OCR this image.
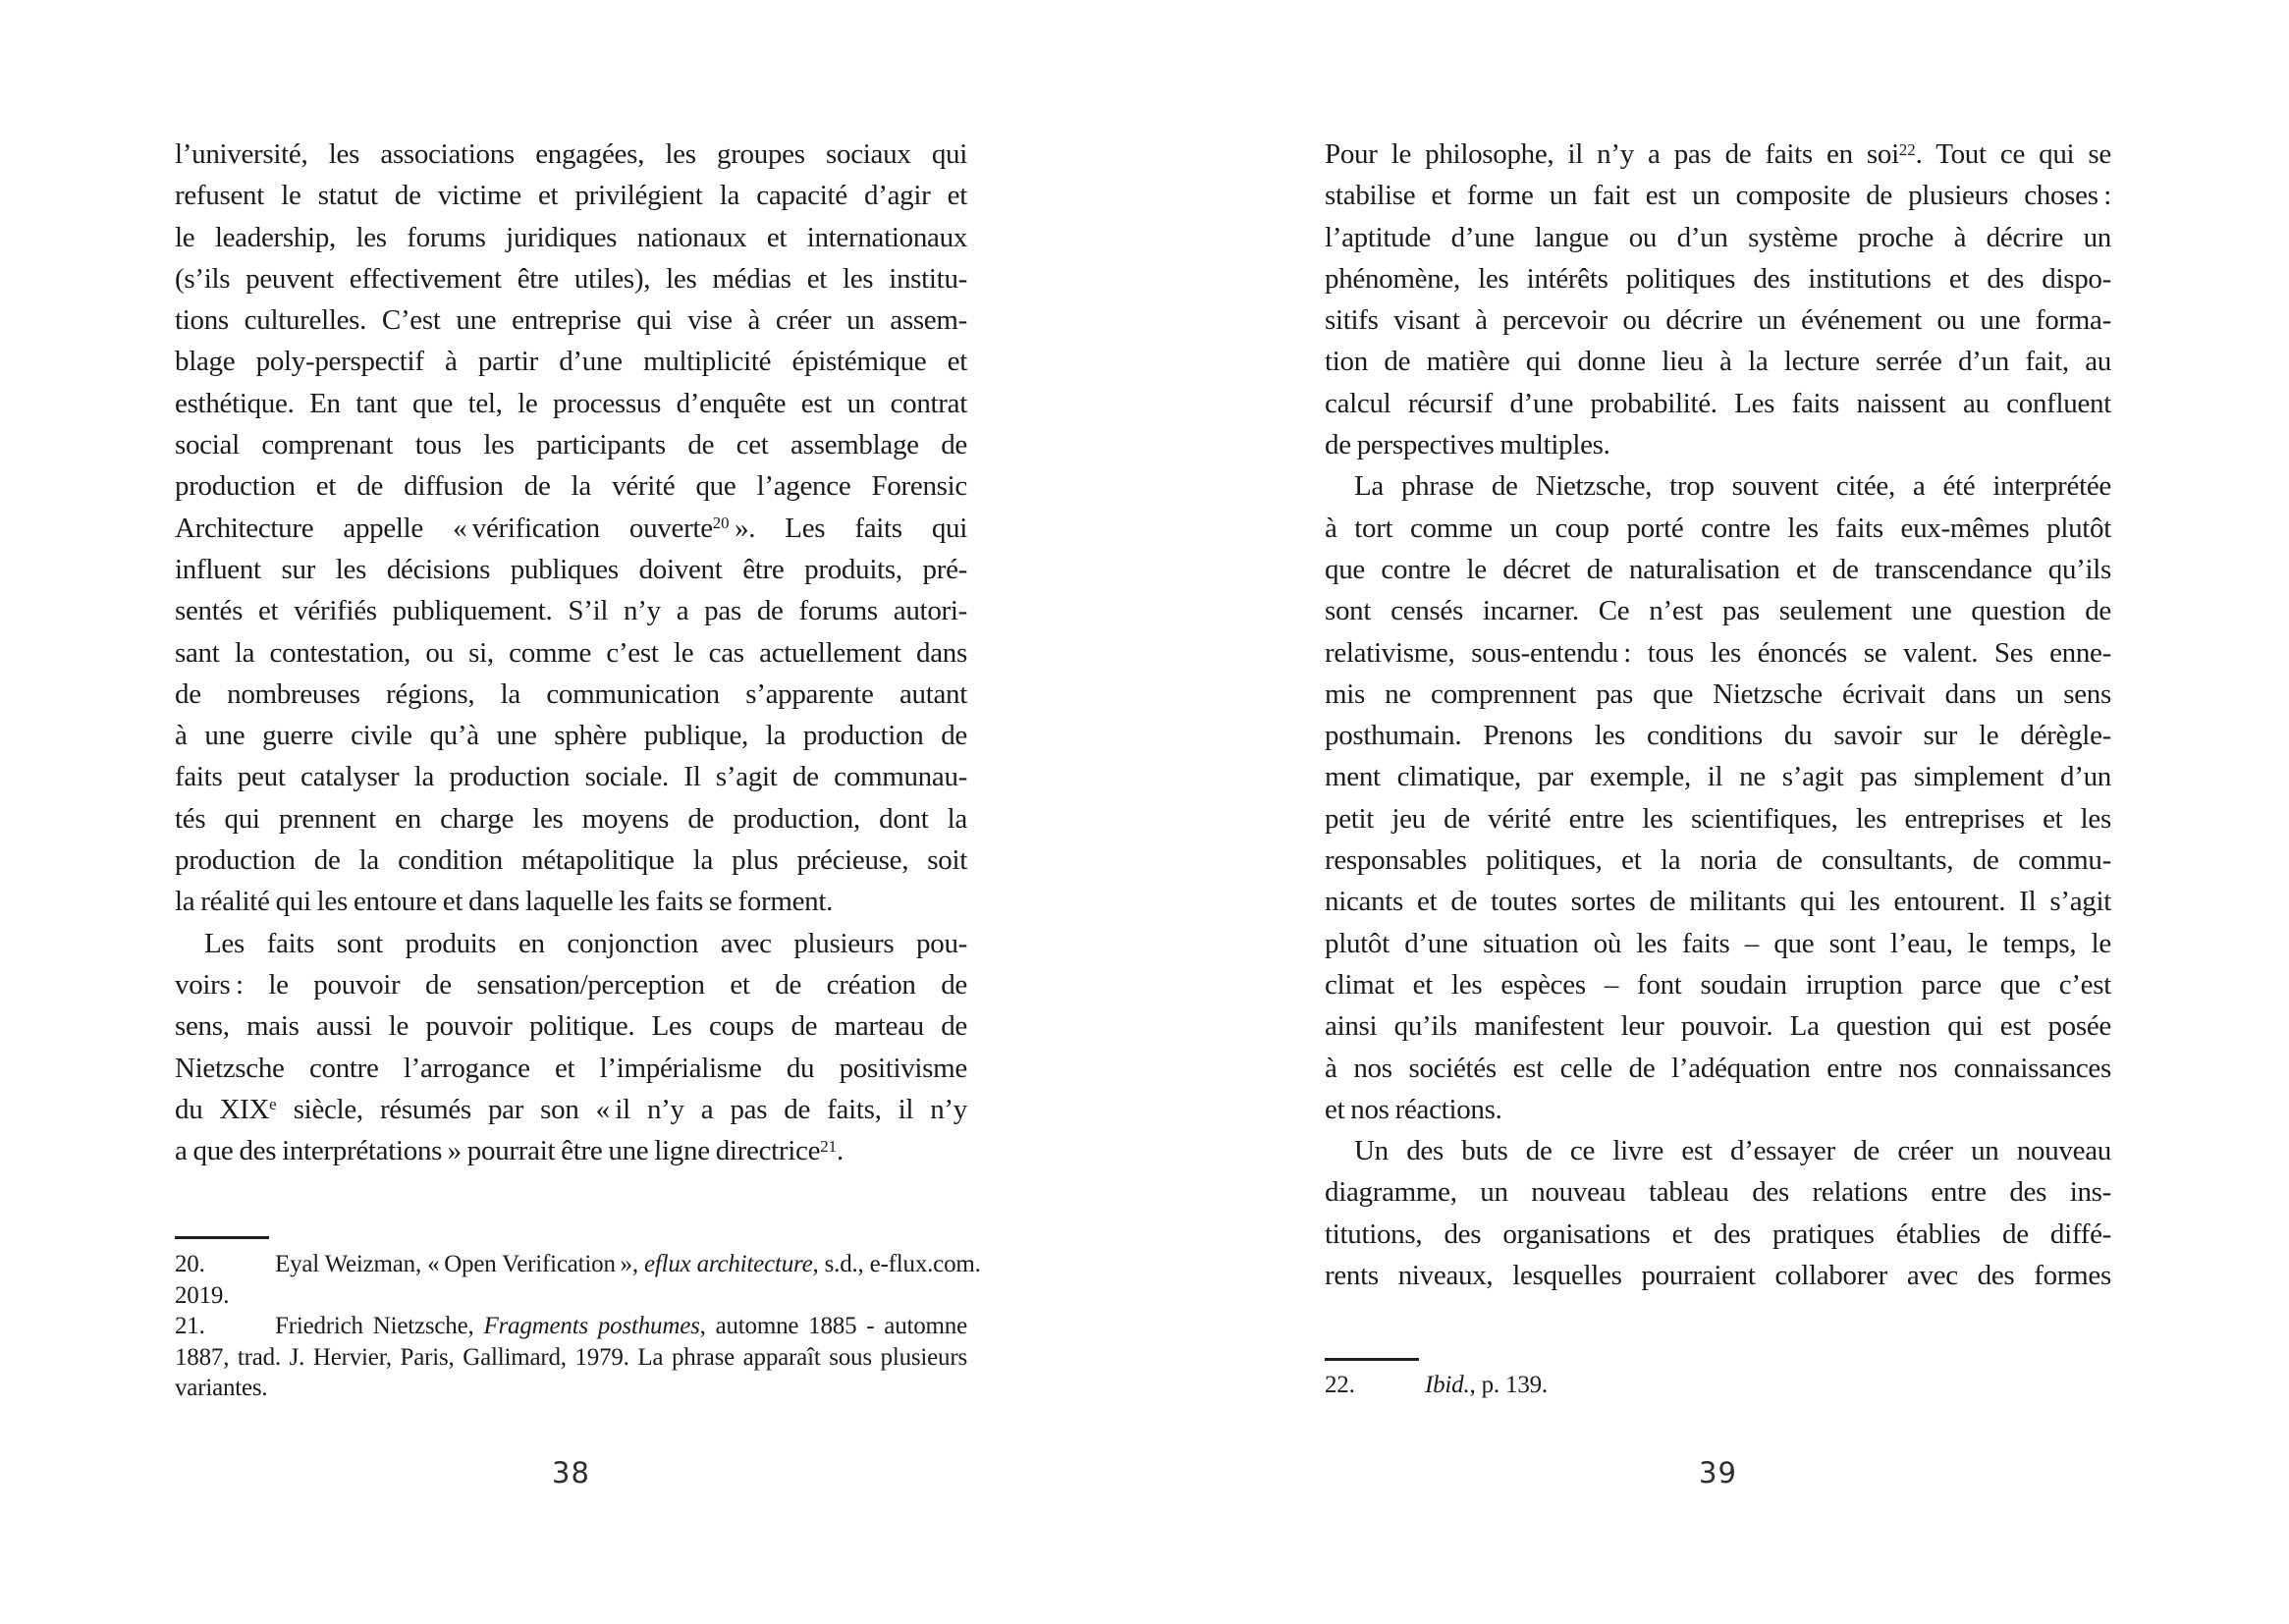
l’université, les associations engagées, les groupes sociaux qui
refusent le statut de victime et privilégient la capacité d’agir et
le leadership, les forums juridiques nationaux et internationaux
(s’ils peuvent effectivement être utiles), les médias et les institu-
tions culturelles. C’est une entreprise qui vise à créer un assem-
blage poly-perspectif à partir d’une multiplicité épistémique et
esthétique. En tant que tel, le processus d’enquête est un contrat
social comprenant tous les participants de cet assemblage de
production et de diffusion de la vérité que l’agence Forensic
Architecture appelle « vérification ouverte$^{20}$ ». Les faits qui
influent sur les décisions publiques doivent être produits, pré-
sentés et vérifiés publiquement. S’il n’y a pas de forums autori-
sant la contestation, ou si, comme c’est le cas actuellement dans
de nombreuses régions, la communication s’apparente autant
à une guerre civile qu’à une sphère publique, la production de
faits peut catalyser la production sociale. Il s’agit de communau-
tés qui prennent en charge les moyens de production, dont la
production de la condition métapolitique la plus précieuse, soit
la réalité qui les entoure et dans laquelle les faits se forment.
Les faits sont produits en conjonction avec plusieurs pou-
voirs : le pouvoir de sensation/perception et de création de
sens, mais aussi le pouvoir politique. Les coups de marteau de
Nietzsche contre l’arrogance et l’impérialisme du positivisme
du XIXe siècle, résumés par son « il n’y a pas de faits, il n’y
a que des interprétations » pourrait être une ligne directrice$^{21}$.
20.	Eyal Weizman, « Open Verification », eflux architecture, s.d., e-flux.com.
2019.
21.	Friedrich Nietzsche, Fragments posthumes, automne 1885 - automne
1887, trad. J. Hervier, Paris, Gallimard, 1979. La phrase apparaît sous plusieurs
variantes.
38
Pour le philosophe, il n’y a pas de faits en soi$^{22}$. Tout ce qui se
stabilise et forme un fait est un composite de plusieurs choses :
l’aptitude d’une langue ou d’un système proche à décrire un
phénomène, les intérêts politiques des institutions et des dispo-
sitifs visant à percevoir ou décrire un événement ou une forma-
tion de matière qui donne lieu à la lecture serrée d’un fait, au
calcul récursif d’une probabilité. Les faits naissent au confluent
de perspectives multiples.
La phrase de Nietzsche, trop souvent citée, a été interprétée
à tort comme un coup porté contre les faits eux-mêmes plutôt
que contre le décret de naturalisation et de transcendance qu’ils
sont censés incarner. Ce n’est pas seulement une question de
relativisme, sous-entendu : tous les énoncés se valent. Ses enne-
mis ne comprennent pas que Nietzsche écrivait dans un sens
posthumain. Prenons les conditions du savoir sur le dérègle-
ment climatique, par exemple, il ne s’agit pas simplement d’un
petit jeu de vérité entre les scientifiques, les entreprises et les
responsables politiques, et la noria de consultants, de commu-
nicants et de toutes sortes de militants qui les entourent. Il s’agit
plutôt d’une situation où les faits – que sont l’eau, le temps, le
climat et les espèces – font soudain irruption parce que c’est
ainsi qu’ils manifestent leur pouvoir. La question qui est posée
à nos sociétés est celle de l’adéquation entre nos connaissances
et nos réactions.
Un des buts de ce livre est d’essayer de créer un nouveau
diagramme, un nouveau tableau des relations entre des ins-
titutions, des organisations et des pratiques établies de diffé-
rents niveaux, lesquelles pourraient collaborer avec des formes
22.	Ibid., p. 139.
39
